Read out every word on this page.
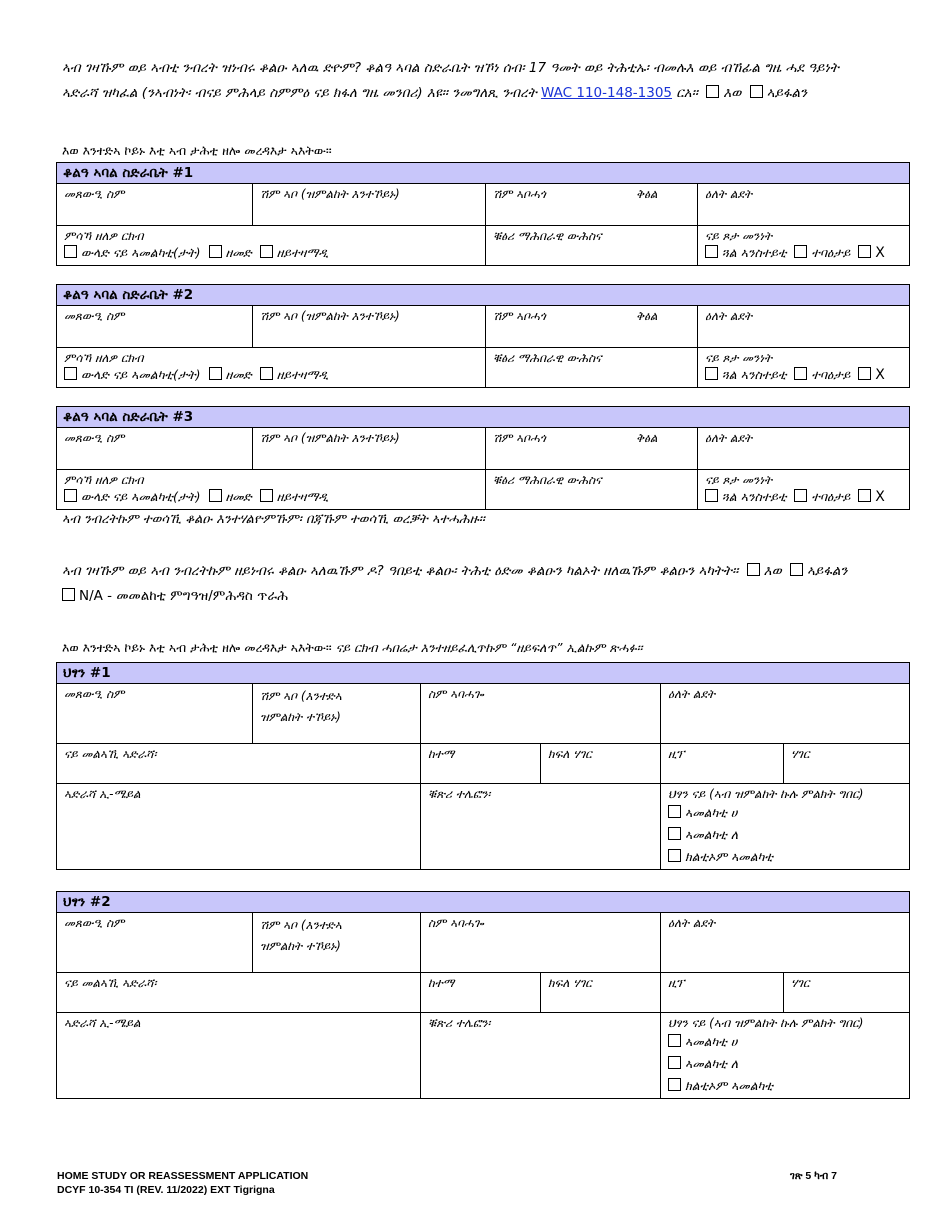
ኣብ ገዛኹም ወይ ኣብቲ ንብረት ዝነብሩ ቆልዑ ኣለዉ ድዮም? ቆልዓ ኣባል ስድራቤት ዝኾነ ሰብ፡ 17 ዓመት ወይ ትሕቲኡ፡ ብመሉእ ወይ ብኸፊል ግዜ ሓደ ዓይነት
ኣድራሻ ዝካፈል (ንኣብነት፡ ብናይ ምሕላይ ስምምዕ ናይ ክፋለ ግዜ መንበሪ) እዩ። ንመግለጺ ንብረት WAC 110-148-1305 ርአ። እወ ኣይፋልን
እወ እንተድኣ ኮይኑ እቲ ኣብ ታሕቲ ዘሎ መረዳእታ ኣእትው፡፡
ቆልዓ ኣባል ስድራቤት #1
መጸውዒ ስም	ሽም ኣቦ (ዝምልከት እንተኾይኑ)	ሽም ኣቦሓጎ	ቅፅል	ዕለት ልደት
ምሳኻ ዘለዎ ርክብ
ውላድ ናይ ኣመልካቲ(ታት) ዘመድ ዘይተዛማዲ
ቑፅሪ ማሕበራዊ ውሕስና	ናይ ጾታ መንነት
ጓል ኣንስተይቲ ተባዕታይ X
ቆልዓ ኣባል ስድራቤት #2
መጸውዒ ስም	ሽም ኣቦ (ዝምልከት እንተኾይኑ)	ሽም ኣቦሓጎ	ቅፅል	ዕለት ልደት
ምሳኻ ዘለዎ ርክብ
ውላድ ናይ ኣመልካቲ(ታት) ዘመድ ዘይተዛማዲ
ቑፅሪ ማሕበራዊ ውሕስና	ናይ ጾታ መንነት
ጓል ኣንስተይቲ ተባዕታይ X
ቆልዓ ኣባል ስድራቤት #3
መጸውዒ ስም	ሽም ኣቦ (ዝምልከት እንተኾይኑ)	ሽም ኣቦሓጎ	ቅፅል	ዕለት ልደት
ምሳኻ ዘለዎ ርክብ
ውላድ ናይ ኣመልካቲ(ታት) ዘመድ ዘይተዛማዲ
ቑፅሪ ማሕበራዊ ውሕስና	ናይ ጾታ መንነት
ጓል ኣንስተይቲ ተባዕታይ X
ኣብ ንብረትኩም ተወሳኺ ቆልዑ እንተሃልዮምኹም፡ በጃኹም ተወሳኺ ወረቓት ኣተሓሕዙ።
ኣብ ገዛኹም ወይ ኣብ ንብረትኩም ዘይነብሩ ቆልዑ ኣለዉኹም ዶ? ዓበይቲ ቆልዑ፡ ትሕቲ ዕድመ ቆልዑን ካልኦት ዘለዉኹም ቆልዑን ኣካትት። እወ ኣይፋልን
N/A - መመልከቲ ምግዓዝ/ምሕዳስ ጥራሕ
እወ እንተድኣ ኮይኑ እቲ ኣብ ታሕቲ ዘሎ መረዳእታ ኣእትው፡፡ ናይ ርክብ ሓበሬታ እንተዘይፈሊጥኩም “ዘይፍለጥ” ኢልኩም ጽሓፉ።
ህፃን #1
መጸውዒ ስም	ሽም ኣቦ (እንተድኣ
ዝምልከት ተኾይኑ)
ስም ኣባሓጐ	ዕለት ልደት
ናይ መልኣኺ ኣድራሻ፡	ከተማ	ክፍለ ሃገር	ዚፕ	ሃገር
ኣድራሻ ኢ-ሜይል	ቑጽሪ ተሌፎን፡	ህፃን ናይ (ኣብ ዝምልከት ኩሉ ምልክት ግበር)
ኣመልካቲ ሀ
ኣመልካቲ ለ
ክልቲኦም ኣመልካቲ
ህፃን #2
መጸውዒ ስም	ሽም ኣቦ (እንተድኣ
ዝምልከት ተኾይኑ)
ስም ኣባሓጐ	ዕለት ልደት
ናይ መልኣኺ ኣድራሻ፡	ከተማ	ክፍለ ሃገር	ዚፕ	ሃገር
ኣድራሻ ኢ-ሜይል	ቑጽሪ ተሌፎን፡	ህፃን ናይ (ኣብ ዝምልከት ኩሉ ምልክት ግበር)
ኣመልካቲ ሀ
ኣመልካቲ ለ
ክልቲኦም ኣመልካቲ
HOME STUDY OR REASSESSMENT APPLICATION
DCYF 10-354 TI (REV. 11/2022) EXT Tigrigna
ገጽ 5 ካብ 7
